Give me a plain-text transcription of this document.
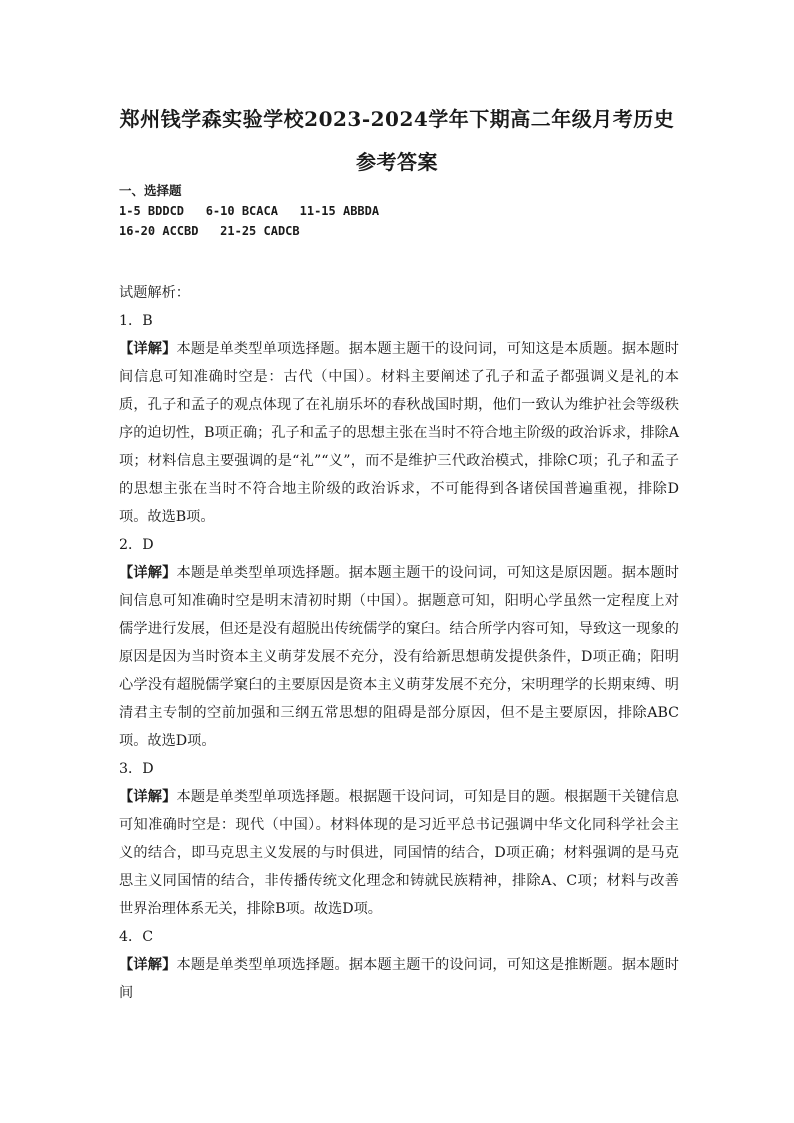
郑州钱学森实验学校2023-2024学年下期高二年级月考历史
参考答案
一、选择题
1-5 BDDCD   6-10 BCACA   11-15 ABBDA
16-20 ACCBD   21-25 CADCB

试题解析：

1．B

【详解】本题是单类型单项选择题。据本题主题干的设问词，可知这是本质题。据本题时间信息可知准确时空是：古代（中国）。材料主要阐述了孔子和孟子都强调义是礼的本质，孔子和孟子的观点体现了在礼崩乐坏的春秋战国时期，他们一致认为维护社会等级秩序的迫切性，B项正确；孔子和孟子的思想主张在当时不符合地主阶级的政治诉求，排除A项；材料信息主要强调的是“礼”“义”，而不是维护三代政治模式，排除C项；孔子和孟子的思想主张在当时不符合地主阶级的政治诉求，不可能得到各诸侯国普遍重视，排除D项。故选B项。

2．D

【详解】本题是单类型单项选择题。据本题主题干的设问词，可知这是原因题。据本题时间信息可知准确时空是明末清初时期（中国）。据题意可知，阳明心学虽然一定程度上对儒学进行发展，但还是没有超脱出传统儒学的窠臼。结合所学内容可知，导致这一现象的原因是因为当时资本主义萌芽发展不充分，没有给新思想萌发提供条件，D项正确；阳明心学没有超脱儒学窠臼的主要原因是资本主义萌芽发展不充分，宋明理学的长期束缚、明清君主专制的空前加强和三纲五常思想的阻碍是部分原因，但不是主要原因，排除ABC项。故选D项。

3．D

【详解】本题是单类型单项选择题。根据题干设问词，可知是目的题。根据题干关键信息可知准确时空是：现代（中国）。材料体现的是习近平总书记强调中华文化同科学社会主义的结合，即马克思主义发展的与时俱进，同国情的结合，D项正确；材料强调的是马克思主义同国情的结合，非传播传统文化理念和铸就民族精神，排除A、C项；材料与改善世界治理体系无关，排除B项。故选D项。

4．C

【详解】本题是单类型单项选择题。据本题主题干的设问词，可知这是推断题。据本题时间
